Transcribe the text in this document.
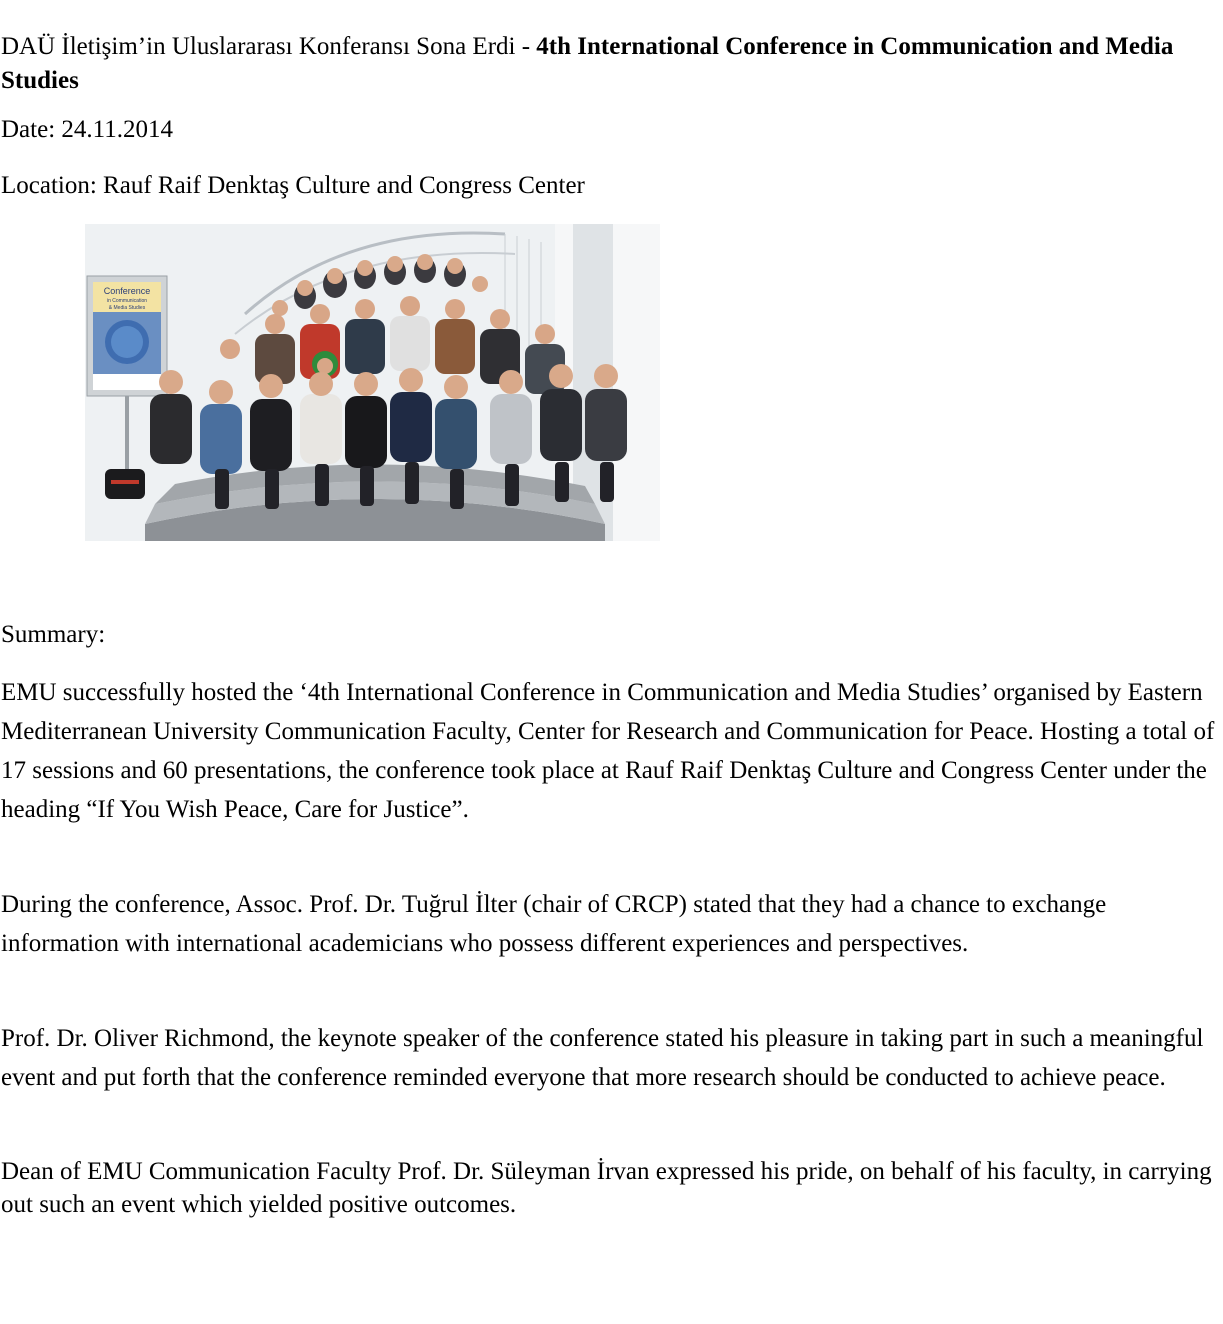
DAÜ İletişim’in Uluslararası Konferansı Sona Erdi - 4th International Conference in Communication and Media Studies

Date: 24.11.2014

Location: Rauf Raif Denktaş Culture and Congress Center

Conference
in Communication
& Media Studies

Summary:

EMU successfully hosted the ‘4th International Conference in Communication and Media Studies’ organised by Eastern Mediterranean University Communication Faculty, Center for Research and Communication for Peace. Hosting a total of 17 sessions and 60 presentations, the conference took place at Rauf Raif Denktaş Culture and Congress Center under the heading “If You Wish Peace, Care for Justice”.

During the conference, Assoc. Prof. Dr. Tuğrul İlter (chair of CRCP) stated that they had a chance to exchange information with international academicians who possess different experiences and perspectives.

Prof. Dr. Oliver Richmond, the keynote speaker of the conference stated his pleasure in taking part in such a meaningful event and put forth that the conference reminded everyone that more research should be conducted to achieve peace.

Dean of EMU Communication Faculty Prof. Dr. Süleyman İrvan expressed his pride, on behalf of his faculty, in carrying out such an event which yielded positive outcomes.
